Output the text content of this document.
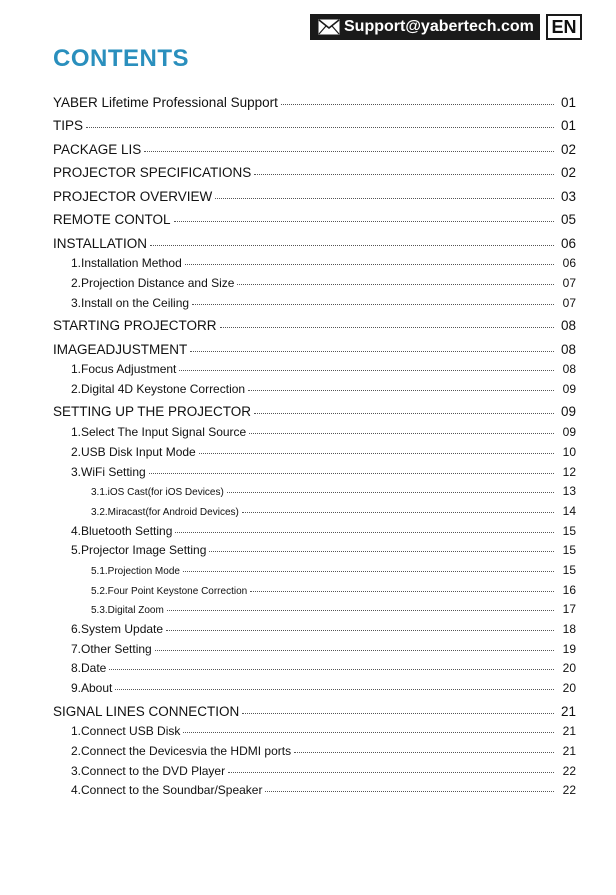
Support@yabertech.com EN
CONTENTS
YABER Lifetime Professional Support	01
TIPS	01
PACKAGE LIS	02
PROJECTOR SPECIFICATIONS	02
PROJECTOR OVERVIEW	03
REMOTE CONTOL	05
INSTALLATION	06
1.Installation Method	06
2.Projection Distance and Size	07
3.Install on the Ceiling	07
STARTING PROJECTORR	08
IMAGEADJUSTMENT	08
1.Focus Adjustment	08
2.Digital 4D Keystone Correction	09
SETTING UP THE PROJECTOR	09
1.Select The Input Signal Source	09
2.USB Disk Input Mode	10
3.WiFi Setting	12
3.1.iOS Cast(for iOS Devices)	13
3.2.Miracast(for Android Devices)	14
4.Bluetooth Setting	15
5.Projector Image Setting	15
5.1.Projection Mode	15
5.2.Four Point Keystone Correction	16
5.3.Digital Zoom	17
6.System Update	18
7.Other Setting	19
8.Date	20
9.About	20
SIGNAL LINES CONNECTION	21
1.Connect USB Disk	21
2.Connect the Devicesvia the HDMI ports	21
3.Connect to the DVD Player	22
4.Connect to the Soundbar/Speaker	22
